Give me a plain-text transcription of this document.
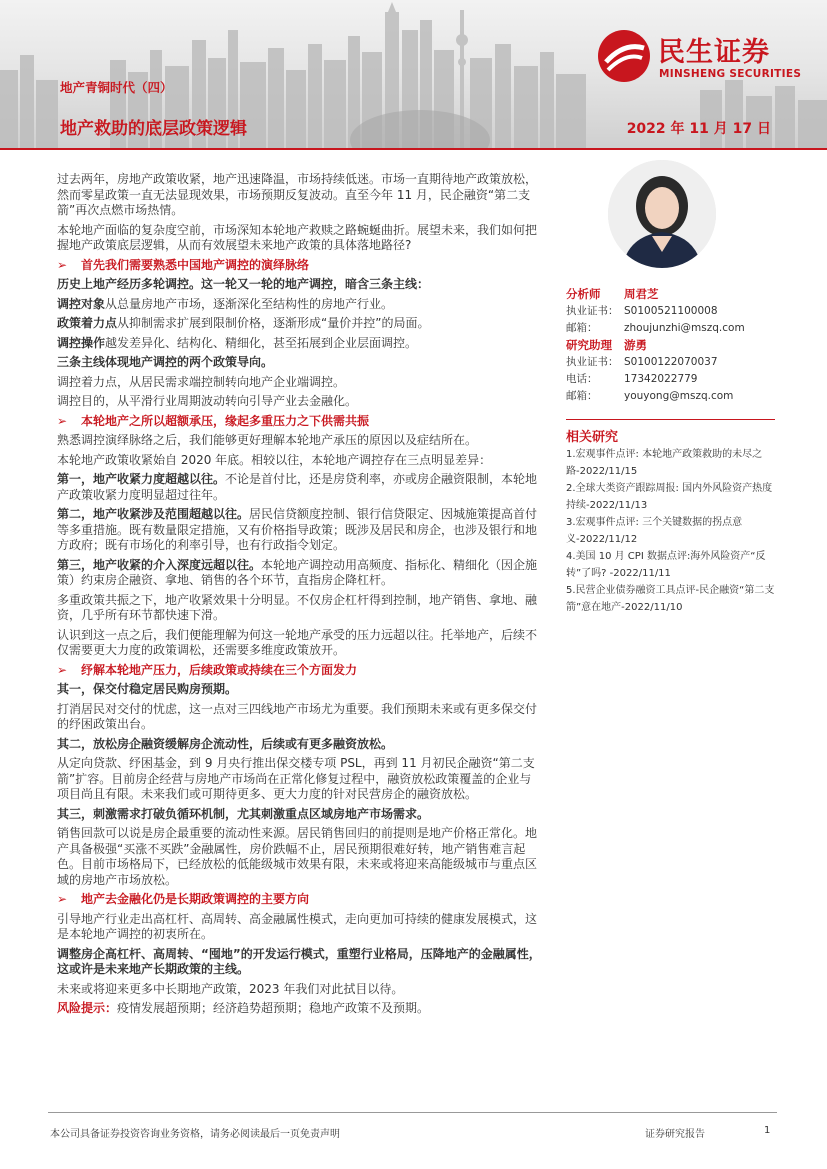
地产青铜时代（四）
地产救助的底层政策逻辑	2022 年 11 月 17 日
民生证券
MINSHENG SECURITIES

过去两年，房地产政策收紧，地产迅速降温，市场持续低迷。市场一直期待地产政策放松，然而零星政策一直无法显现效果，市场预期反复波动。直至今年 11 月，民企融资“第二支箭”再次点燃市场热情。

本轮地产面临的复杂度空前，市场深知本轮地产救赎之路蜿蜒曲折。展望未来，我们如何把握地产政策底层逻辑，从而有效展望未来地产政策的具体落地路径?

➢ 首先我们需要熟悉中国地产调控的演绎脉络

历史上地产经历多轮调控。这一轮又一轮的地产调控，暗含三条主线：

调控对象从总量房地产市场，逐渐深化至结构性的房地产行业。

政策着力点从抑制需求扩展到限制价格，逐渐形成“量价并控”的局面。

调控操作越发差异化、结构化、精细化，甚至拓展到企业层面调控。

三条主线体现地产调控的两个政策导向。

调控着力点，从居民需求端控制转向地产企业端调控。

调控目的，从平滑行业周期波动转向引导产业去金融化。

➢ 本轮地产之所以超额承压，缘起多重压力之下供需共振

熟悉调控演绎脉络之后，我们能够更好理解本轮地产承压的原因以及症结所在。

本轮地产政策收紧始自 2020 年底。相较以往，本轮地产调控存在三点明显差异：

第一，地产收紧力度超越以往。不论是首付比，还是房贷利率，亦或房企融资限制，本轮地产政策收紧力度明显超过往年。

第二，地产收紧涉及范围超越以往。居民信贷额度控制、银行信贷限定、因城施策提高首付等多重措施。既有数量限定措施，又有价格指导政策；既涉及居民和房企，也涉及银行和地方政府；既有市场化的利率引导，也有行政指令划定。

第三，地产收紧的介入深度远超以往。本轮地产调控动用高频度、指标化、精细化（因企施策）约束房企融资、拿地、销售的各个环节，直指房企降杠杆。

多重政策共振之下，地产收紧效果十分明显。不仅房企杠杆得到控制，地产销售、拿地、融资，几乎所有环节都快速下滑。

认识到这一点之后，我们便能理解为何这一轮地产承受的压力远超以往。托举地产，后续不仅需要更大力度的政策调松，还需要多维度政策放开。

➢ 纾解本轮地产压力，后续政策或持续在三个方面发力

其一，保交付稳定居民购房预期。

打消居民对交付的忧虑，这一点对三四线地产市场尤为重要。我们预期未来或有更多保交付的纾困政策出台。

其二，放松房企融资缓解房企流动性，后续或有更多融资放松。

从定向贷款、纾困基金，到 9 月央行推出保交楼专项 PSL，再到 11 月初民企融资“第二支箭”扩容。目前房企经营与房地产市场尚在正常化修复过程中，融资放松政策覆盖的企业与项目尚且有限。未来我们或可期待更多、更大力度的针对民营房企的融资放松。

其三，刺激需求打破负循环机制，尤其刺激重点区域房地产市场需求。

销售回款可以说是房企最重要的流动性来源。居民销售回归的前提则是地产价格正常化。地产具备极强“买涨不买跌”金融属性，房价跌幅不止，居民预期很难好转，地产销售难言起色。目前市场格局下，已经放松的低能级城市效果有限，未来或将迎来高能级城市与重点区域的房地产市场放松。

➢ 地产去金融化仍是长期政策调控的主要方向

引导地产行业走出高杠杆、高周转、高金融属性模式，走向更加可持续的健康发展模式，这是本轮地产调控的初衷所在。

调整房企高杠杆、高周转、“囤地”的开发运行模式，重塑行业格局，压降地产的金融属性，这或许是未来地产长期政策的主线。

未来或将迎来更多中长期地产政策，2023 年我们对此拭目以待。

风险提示：疫情发展超预期；经济趋势超预期；稳地产政策不及预期。

分析师 周君芝
执业证书： S0100521100008
邮箱：	zhoujunzhi@mszq.com
研究助理 游勇
执业证书： S0100122070037
电话：	17342022779
邮箱：	youyong@mszq.com
相关研究

1.宏观事件点评: 本轮地产政策救助的未尽之路-2022/11/15

2.全球大类资产跟踪周报: 国内外风险资产热度持续-2022/11/13

3.宏观事件点评: 三个关键数据的拐点意义-2022/11/12

4.美国 10 月 CPI 数据点评:海外风险资产“反转”了吗? -2022/11/11

5.民营企业债券融资工具点评-民企融资“第二支箭”意在地产-2022/11/10

本公司具备证券投资咨询业务资格，请务必阅读最后一页免责声明	证券研究报告	1
